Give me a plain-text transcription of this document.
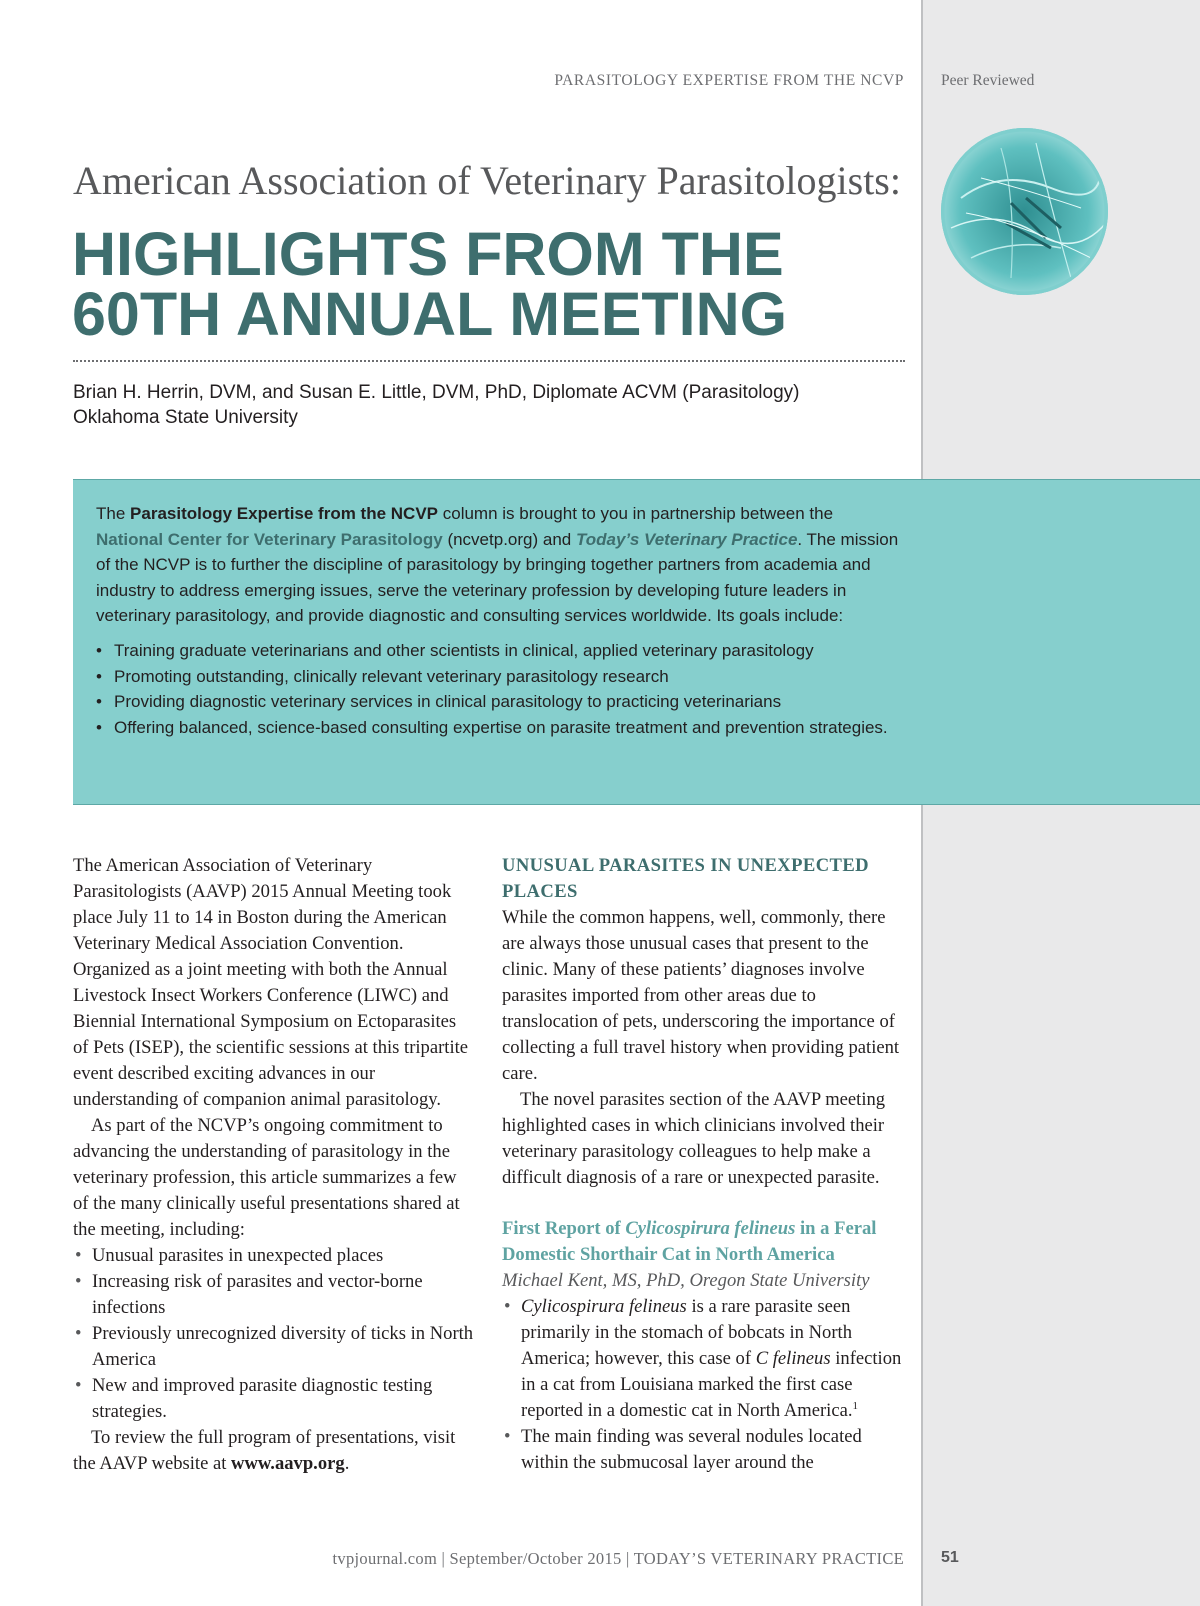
PARASITOLOGY EXPERTISE FROM THE NCVP Peer Reviewed
American Association of Veterinary Parasitologists:
HIGHLIGHTS FROM THE
60TH ANNUAL MEETING
Brian H. Herrin, DVM, and Susan E. Little, DVM, PhD, Diplomate ACVM (Parasitology)
Oklahoma State University
The Parasitology Expertise from the NCVP column is brought to you in partnership between the National Center for Veterinary Parasitology (ncvetp.org) and Today’s Veterinary Practice. The mission of the NCVP is to further the discipline of parasitology by bringing together partners from academia and industry to address emerging issues, serve the veterinary profession by developing future leaders in veterinary parasitology, and provide diagnostic and consulting services worldwide. Its goals include:
• Training graduate veterinarians and other scientists in clinical, applied veterinary parasitology
• Promoting outstanding, clinically relevant veterinary parasitology research
• Providing diagnostic veterinary services in clinical parasitology to practicing veterinarians
• Offering balanced, science-based consulting expertise on parasite treatment and prevention strategies.

The American Association of Veterinary Parasitologists (AAVP) 2015 Annual Meeting took place July 11 to 14 in Boston during the American Veterinary Medical Association Convention. Organized as a joint meeting with both the Annual Livestock Insect Workers Conference (LIWC) and Biennial International Symposium on Ectoparasites of Pets (ISEP), the scientific sessions at this tripartite event described exciting advances in our understanding of companion animal parasitology.

As part of the NCVP’s ongoing commitment to advancing the understanding of parasitology in the veterinary profession, this article summarizes a few of the many clinically useful presentations shared at the meeting, including:

• Unusual parasites in unexpected places
• Increasing risk of parasites and vector-borne infections
• Previously unrecognized diversity of ticks in North America
• New and improved parasite diagnostic testing strategies.

To review the full program of presentations, visit the AAVP website at www.aavp.org.

UNUSUAL PARASITES IN UNEXPECTED PLACES

While the common happens, well, commonly, there are always those unusual cases that present to the clinic. Many of these patients’ diagnoses involve parasites imported from other areas due to translocation of pets, underscoring the importance of collecting a full travel history when providing patient care.

The novel parasites section of the AAVP meeting highlighted cases in which clinicians involved their veterinary parasitology colleagues to help make a difficult diagnosis of a rare or unexpected parasite.

First Report of Cylicospirura felineus in a Feral Domestic Shorthair Cat in North America
Michael Kent, MS, PhD, Oregon State University
• Cylicospirura felineus is a rare parasite seen primarily in the stomach of bobcats in North America; however, this case of C felineus infection in a cat from Louisiana marked the first case reported in a domestic cat in North America.$^1$
• The main finding was several nodules located within the submucosal layer around the
tvpjournal.com | September/October 2015 | TODAY’S VETERINARY PRACTICE 51
